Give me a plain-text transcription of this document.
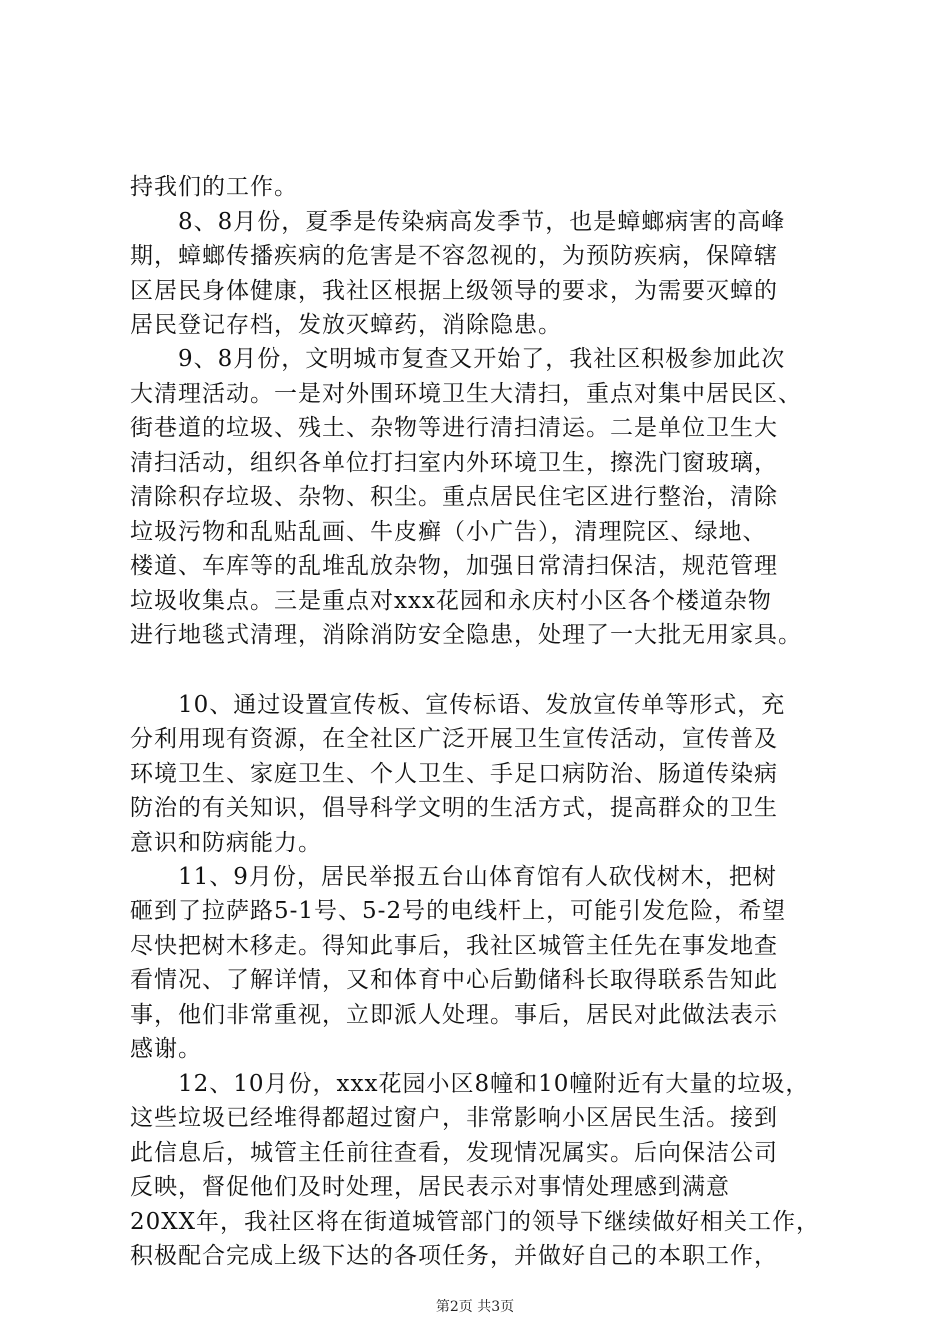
持我们的工作。
　　8、8月份，夏季是传染病高发季节，也是蟑螂病害的高峰
期，蟑螂传播疾病的危害是不容忽视的，为预防疾病，保障辖
区居民身体健康，我社区根据上级领导的要求，为需要灭蟑的
居民登记存档，发放灭蟑药，消除隐患。
　　9、8月份，文明城市复查又开始了，我社区积极参加此次
大清理活动。一是对外围环境卫生大清扫，重点对集中居民区、
街巷道的垃圾、残土、杂物等进行清扫清运。二是单位卫生大
清扫活动，组织各单位打扫室内外环境卫生，擦洗门窗玻璃，
清除积存垃圾、杂物、积尘。重点居民住宅区进行整治，清除
垃圾污物和乱贴乱画、牛皮癣（小广告），清理院区、绿地、
楼道、车库等的乱堆乱放杂物，加强日常清扫保洁，规范管理
垃圾收集点。三是重点对xxx花园和永庆村小区各个楼道杂物
进行地毯式清理，消除消防安全隐患，处理了一大批无用家具。
　　10、通过设置宣传板、宣传标语、发放宣传单等形式，充
分利用现有资源，在全社区广泛开展卫生宣传活动，宣传普及
环境卫生、家庭卫生、个人卫生、手足口病防治、肠道传染病
防治的有关知识，倡导科学文明的生活方式，提高群众的卫生
意识和防病能力。
　　11、9月份，居民举报五台山体育馆有人砍伐树木，把树
砸到了拉萨路5-1号、5-2号的电线杆上，可能引发危险，希望
尽快把树木移走。得知此事后，我社区城管主任先在事发地查
看情况、了解详情，又和体育中心后勤储科长取得联系告知此
事，他们非常重视，立即派人处理。事后，居民对此做法表示
感谢。
　　12、10月份，xxx花园小区8幢和10幢附近有大量的垃圾，
这些垃圾已经堆得都超过窗户，非常影响小区居民生活。接到
此信息后，城管主任前往查看，发现情况属实。后向保洁公司
反映，督促他们及时处理，居民表示对事情处理感到满意
20XX年，我社区将在街道城管部门的领导下继续做好相关工作，
积极配合完成上级下达的各项任务，并做好自己的本职工作，
第2页 共3页
